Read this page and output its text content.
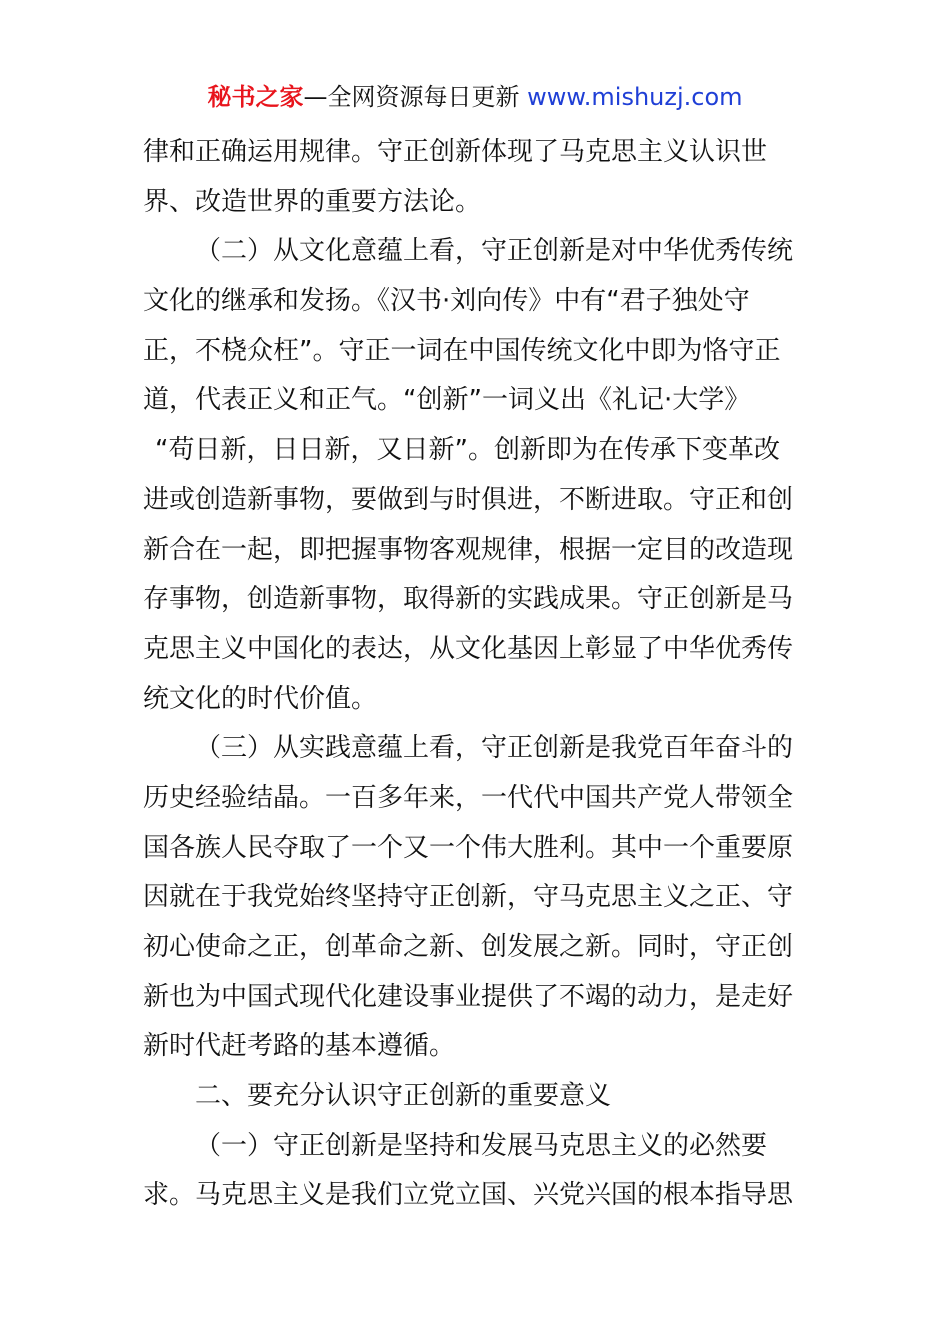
秘书之家—全网资源每日更新 www.mishuzj.com
律和正确运用规律。守正创新体现了马克思主义认识世
界、改造世界的重要方法论。
（二）从文化意蕴上看，守正创新是对中华优秀传统
文化的继承和发扬。《汉书·刘向传》中有“君子独处守
正，不桡众枉”。守正一词在中国传统文化中即为恪守正
道，代表正义和正气。“创新”一词义出《礼记·大学》
“苟日新，日日新，又日新”。创新即为在传承下变革改
进或创造新事物，要做到与时俱进，不断进取。守正和创
新合在一起，即把握事物客观规律，根据一定目的改造现
存事物，创造新事物，取得新的实践成果。守正创新是马
克思主义中国化的表达，从文化基因上彰显了中华优秀传
统文化的时代价值。
（三）从实践意蕴上看，守正创新是我党百年奋斗的
历史经验结晶。一百多年来，一代代中国共产党人带领全
国各族人民夺取了一个又一个伟大胜利。其中一个重要原
因就在于我党始终坚持守正创新，守马克思主义之正、守
初心使命之正，创革命之新、创发展之新。同时，守正创
新也为中国式现代化建设事业提供了不竭的动力，是走好
新时代赶考路的基本遵循。
二、要充分认识守正创新的重要意义
（一）守正创新是坚持和发展马克思主义的必然要
求。马克思主义是我们立党立国、兴党兴国的根本指导思
